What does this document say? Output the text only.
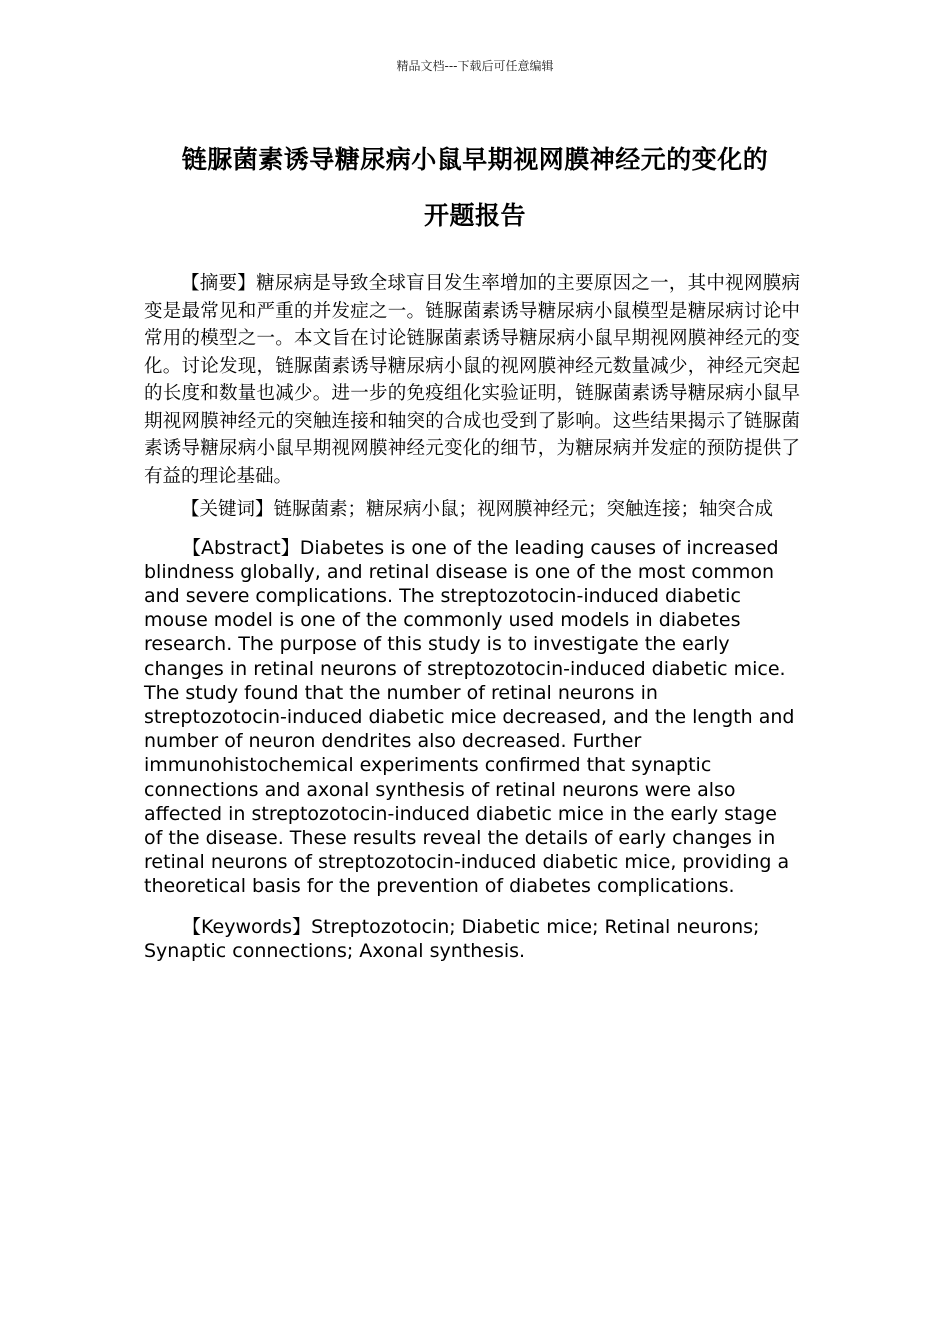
精品文档---下载后可任意编辑
链脲菌素诱导糖尿病小鼠早期视网膜神经元的变化的
开题报告

【摘要】糖尿病是导致全球盲目发生率增加的主要原因之一，其中视网膜病变是最常见和严重的并发症之一。链脲菌素诱导糖尿病小鼠模型是糖尿病讨论中常用的模型之一。本文旨在讨论链脲菌素诱导糖尿病小鼠早期视网膜神经元的变化。讨论发现，链脲菌素诱导糖尿病小鼠的视网膜神经元数量减少，神经元突起的长度和数量也减少。进一步的免疫组化实验证明，链脲菌素诱导糖尿病小鼠早期视网膜神经元的突触连接和轴突的合成也受到了影响。这些结果揭示了链脲菌素诱导糖尿病小鼠早期视网膜神经元变化的细节，为糖尿病并发症的预防提供了有益的理论基础。

【关键词】链脲菌素；糖尿病小鼠；视网膜神经元；突触连接；轴突合成

【Abstract】Diabetes is one of the leading causes of increased blindness globally, and retinal disease is one of the most common and severe complications. The streptozotocin-induced diabetic mouse model is one of the commonly used models in diabetes research. The purpose of this study is to investigate the early changes in retinal neurons of streptozotocin-induced diabetic mice. The study found that the number of retinal neurons in streptozotocin-induced diabetic mice decreased, and the length and number of neuron dendrites also decreased. Further immunohistochemical experiments confirmed that synaptic connections and axonal synthesis of retinal neurons were also affected in streptozotocin-induced diabetic mice in the early stage of the disease. These results reveal the details of early changes in retinal neurons of streptozotocin-induced diabetic mice, providing a theoretical basis for the prevention of diabetes complications.

【Keywords】Streptozotocin; Diabetic mice; Retinal neurons; Synaptic connections; Axonal synthesis.
